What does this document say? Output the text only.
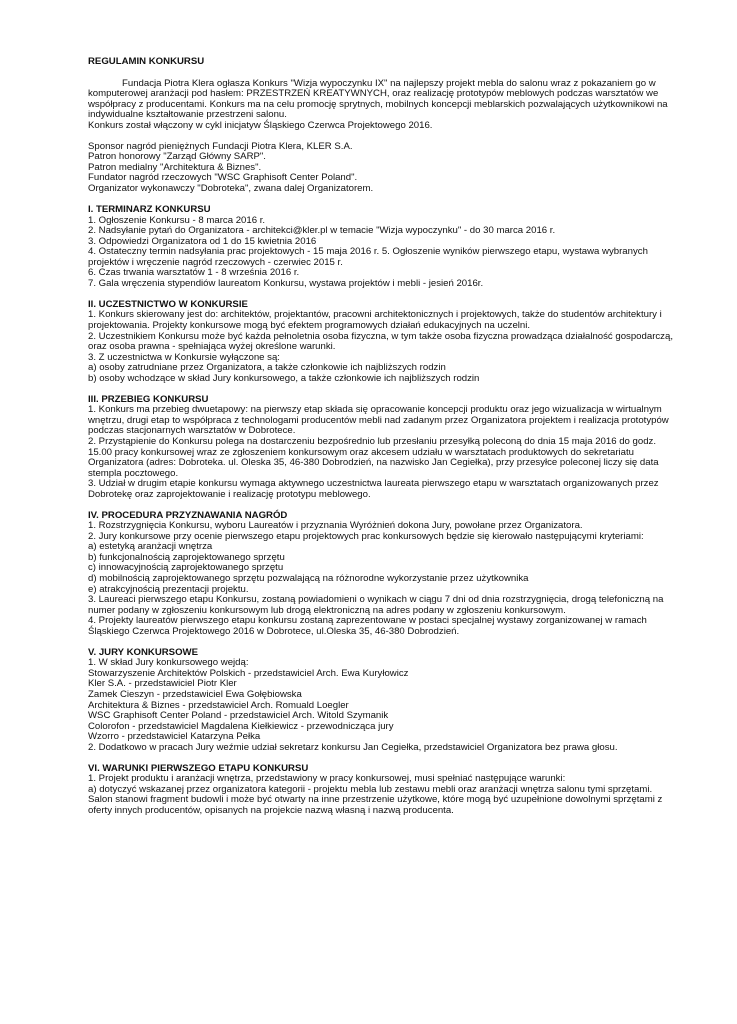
REGULAMIN KONKURSU

Fundacja Piotra Klera ogłasza Konkurs "Wizja wypoczynku IX" na najlepszy projekt mebla do salonu wraz z pokazaniem go w komputerowej aranżacji pod hasłem: PRZESTRZEŃ KREATYWNYCH, oraz realizację prototypów meblowych podczas warsztatów we współpracy z producentami. Konkurs ma na celu promocję sprytnych, mobilnych koncepcji meblarskich pozwalających użytkownikowi na indywidualne kształtowanie przestrzeni salonu.
Konkurs został włączony w cykl inicjatyw Śląskiego Czerwca Projektowego 2016.

Sponsor nagród pieniężnych Fundacji Piotra Klera, KLER S.A.
Patron honorowy "Zarząd Główny SARP".
Patron medialny "Architektura & Biznes".
Fundator nagród rzeczowych "WSC Graphisoft Center Poland".
Organizator wykonawczy "Dobroteka", zwana dalej Organizatorem.

I. TERMINARZ KONKURSU

1. Ogłoszenie Konkursu - 8 marca 2016 r.
2. Nadsyłanie pytań do Organizatora - architekci@kler.pl w temacie "Wizja wypoczynku" - do 30 marca 2016 r.
3. Odpowiedzi Organizatora od 1 do 15 kwietnia 2016
4. Ostateczny termin nadsyłania prac projektowych - 15 maja 2016 r. 5. Ogłoszenie wyników pierwszego etapu, wystawa wybranych projektów i wręczenie nagród rzeczowych - czerwiec 2015 r.
6. Czas trwania warsztatów 1 - 8 września 2016 r.
7. Gala wręczenia stypendiów laureatom Konkursu, wystawa projektów i mebli - jesień 2016r.

II. UCZESTNICTWO W KONKURSIE

1. Konkurs skierowany jest do: architektów, projektantów, pracowni architektonicznych i projektowych, także do studentów architektury i projektowania. Projekty konkursowe mogą być efektem programowych działań edukacyjnych na uczelni.
2. Uczestnikiem Konkursu może być każda pełnoletnia osoba fizyczna, w tym także osoba fizyczna prowadząca działalność gospodarczą, oraz osoba prawna - spełniająca wyżej określone warunki.
3. Z uczestnictwa w Konkursie wyłączone są:
a) osoby zatrudniane przez Organizatora, a także członkowie ich najbliższych rodzin
b) osoby wchodzące w skład Jury konkursowego, a także członkowie ich najbliższych rodzin

III. PRZEBIEG KONKURSU

1. Konkurs ma przebieg dwuetapowy: na pierwszy etap składa się opracowanie koncepcji produktu oraz jego wizualizacja w wirtualnym wnętrzu, drugi etap to współpraca z technologami producentów mebli nad zadanym przez Organizatora projektem i realizacja prototypów podczas stacjonarnych warsztatów w Dobrotece.
2. Przystąpienie do Konkursu polega na dostarczeniu bezpośrednio lub przesłaniu przesyłką poleconą do dnia 15 maja 2016 do godz. 15.00 pracy konkursowej wraz ze zgłoszeniem konkursowym oraz akcesem udziału w warsztatach produktowych do sekretariatu Organizatora (adres: Dobroteka. ul. Oleska 35, 46-380 Dobrodzień, na nazwisko Jan Cegiełka), przy przesyłce poleconej liczy się data stempla pocztowego.
3. Udział w drugim etapie konkursu wymaga aktywnego uczestnictwa laureata pierwszego etapu w warsztatach organizowanych przez Dobrotekę oraz zaprojektowanie i realizację prototypu meblowego.

IV. PROCEDURA PRZYZNAWANIA NAGRÓD

1. Rozstrzygnięcia Konkursu, wyboru Laureatów i przyznania Wyróżnień dokona Jury, powołane przez Organizatora.
2. Jury konkursowe przy ocenie pierwszego etapu projektowych prac konkursowych będzie się kierowało następującymi kryteriami:
a) estetyką aranżacji wnętrza
b) funkcjonalnością zaprojektowanego sprzętu
c) innowacyjnością zaprojektowanego sprzętu
d) mobilnością zaprojektowanego sprzętu pozwalającą na różnorodne wykorzystanie przez użytkownika
e) atrakcyjnością prezentacji projektu.
3. Laureaci pierwszego etapu Konkursu, zostaną powiadomieni o wynikach w ciągu 7 dni od dnia rozstrzygnięcia, drogą telefoniczną na numer podany w zgłoszeniu konkursowym lub drogą elektroniczną na adres podany w zgłoszeniu konkursowym.
4. Projekty laureatów pierwszego etapu konkursu zostaną zaprezentowane w postaci specjalnej wystawy zorganizowanej w ramach Śląskiego Czerwca Projektowego 2016 w Dobrotece, ul.Oleska 35, 46-380 Dobrodzień.

V. JURY KONKURSOWE

1. W skład Jury konkursowego wejdą:
Stowarzyszenie Architektów Polskich - przedstawiciel Arch. Ewa Kuryłowicz
Kler S.A. - przedstawiciel Piotr Kler
Zamek Cieszyn - przedstawiciel Ewa Gołębiowska
Architektura & Biznes - przedstawiciel Arch. Romuald Loegler
WSC Graphisoft Center Poland - przedstawiciel Arch. Witold Szymanik
Colorofon - przedstawiciel Magdalena Kiełkiewicz - przewodnicząca jury
Wzorro - przedstawiciel Katarzyna Pełka
2. Dodatkowo w pracach Jury weźmie udział sekretarz konkursu Jan Cegiełka, przedstawiciel Organizatora bez prawa głosu.

VI. WARUNKI PIERWSZEGO ETAPU KONKURSU

1. Projekt produktu i aranżacji wnętrza, przedstawiony w pracy konkursowej, musi spełniać następujące warunki:
a) dotyczyć wskazanej przez organizatora kategorii - projektu mebla lub zestawu mebli oraz aranżacji wnętrza salonu tymi sprzętami. Salon stanowi fragment budowli i może być otwarty na inne przestrzenie użytkowe, które mogą być uzupełnione dowolnymi sprzętami z oferty innych producentów, opisanych na projekcie nazwą własną i nazwą producenta.
